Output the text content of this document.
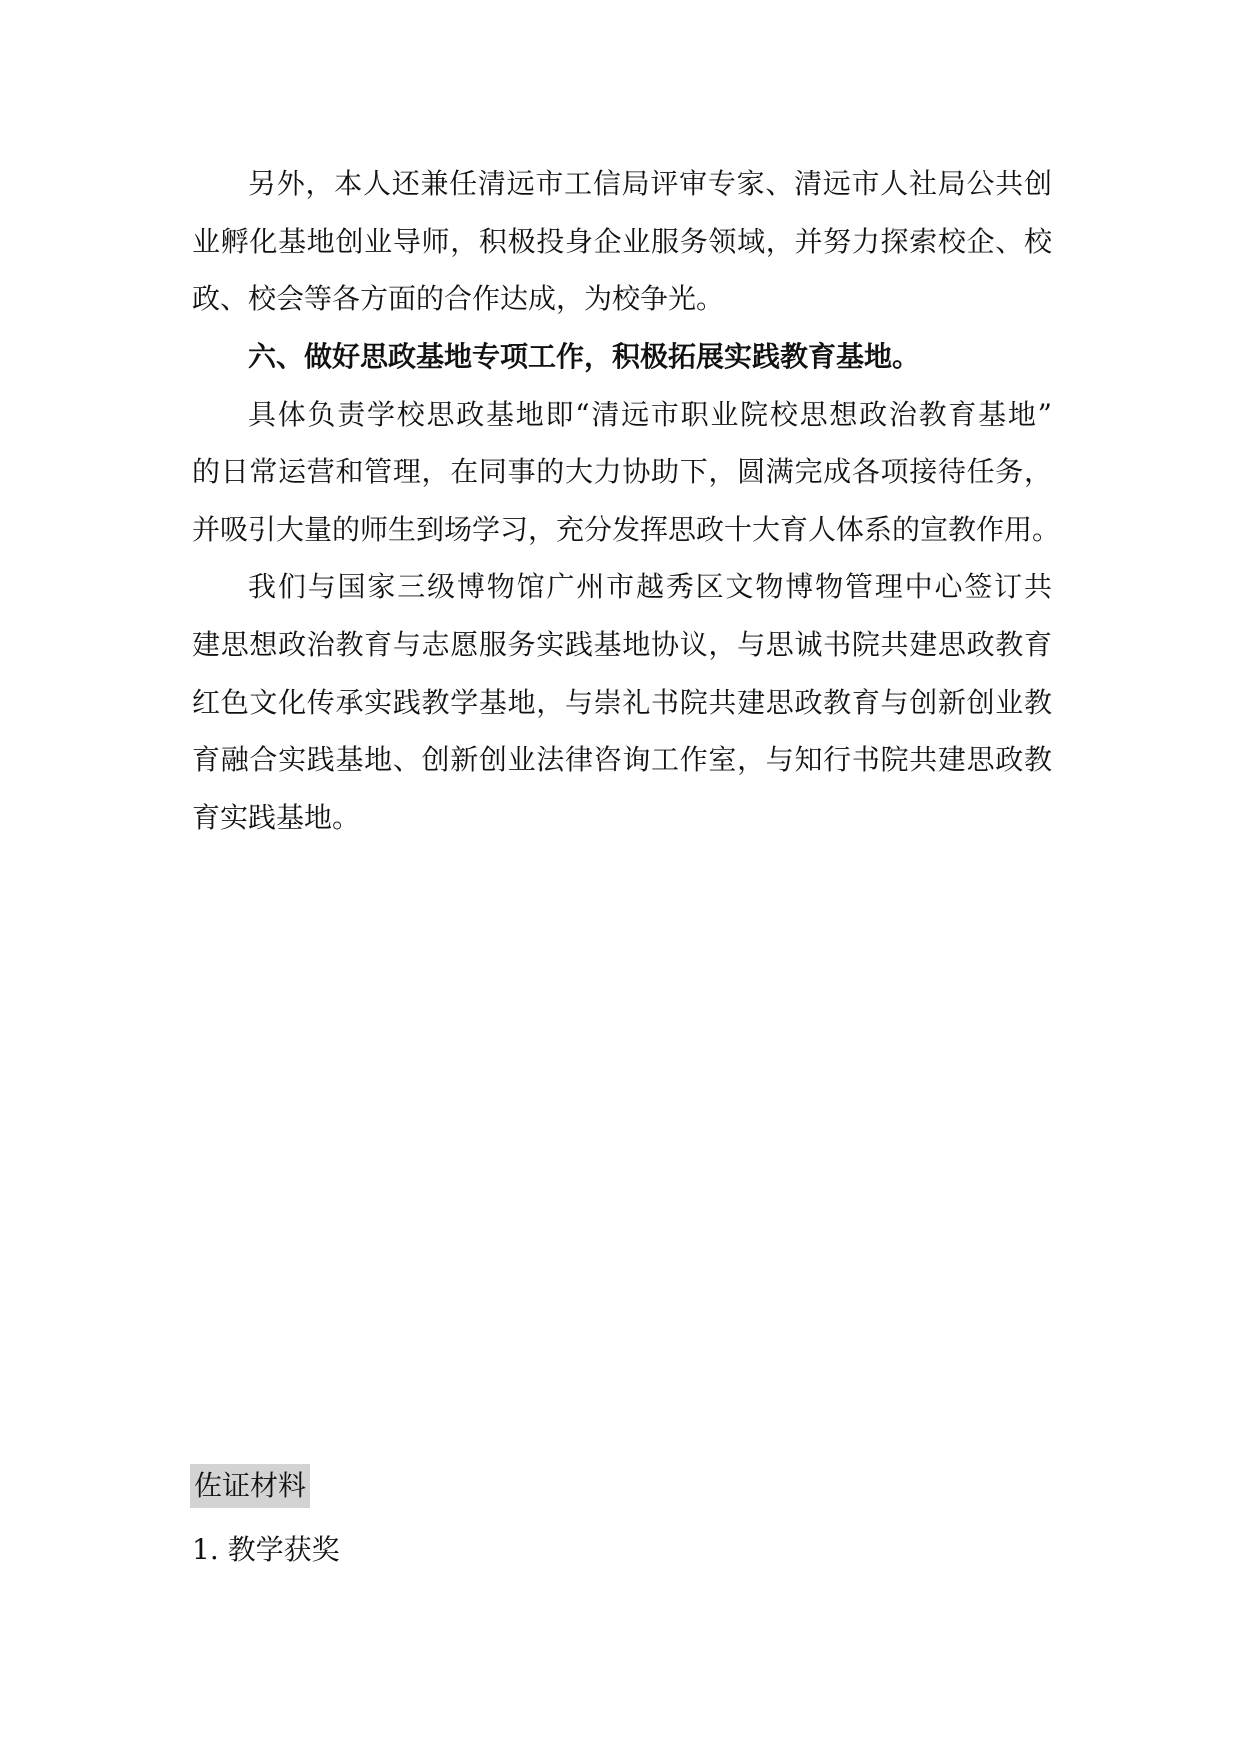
另外，本人还兼任清远市工信局评审专家、清远市人社局公共创
业孵化基地创业导师，积极投身企业服务领域，并努力探索校企、校
政、校会等各方面的合作达成，为校争光。
六、做好思政基地专项工作，积极拓展实践教育基地。
具体负责学校思政基地即“清远市职业院校思想政治教育基地”
的日常运营和管理，在同事的大力协助下，圆满完成各项接待任务，
并吸引大量的师生到场学习，充分发挥思政十大育人体系的宣教作用。
我们与国家三级博物馆广州市越秀区文物博物管理中心签订共
建思想政治教育与志愿服务实践基地协议，与思诚书院共建思政教育
红色文化传承实践教学基地，与崇礼书院共建思政教育与创新创业教
育融合实践基地、创新创业法律咨询工作室，与知行书院共建思政教
育实践基地。
佐证材料
1. 教学获奖
